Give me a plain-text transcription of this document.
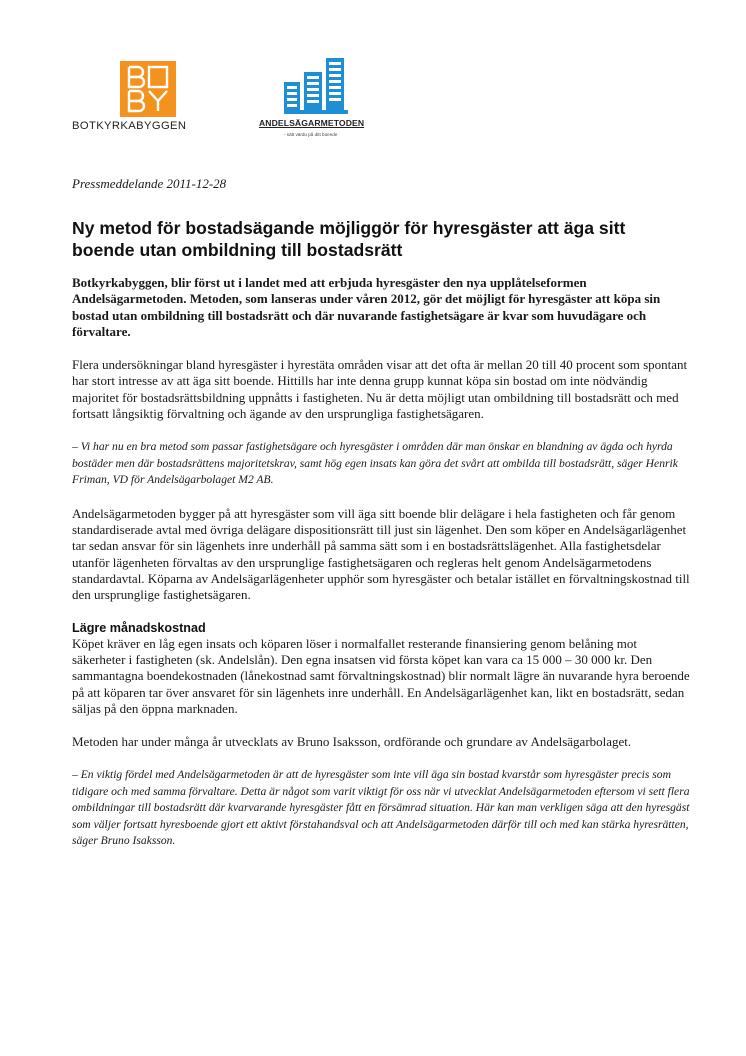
BOTKYRKABYGGEN	ANDELSÄGARMETODEN
- sätt värdu på ditt boende

Pressmeddelande 2011-12-28

Ny metod för bostadsägande möjliggör för hyresgäster att äga sitt boende utan ombildning till bostadsrätt

Botkyrkabyggen, blir först ut i landet med att erbjuda hyresgäster den nya upplåtelseformen Andelsägarmetoden. Metoden, som lanseras under våren 2012, gör det möjligt för hyresgäster att köpa sin bostad utan ombildning till bostadsrätt och där nuvarande fastighetsägare är kvar som huvudägare och förvaltare.

Flera undersökningar bland hyresgäster i hyrestäta områden visar att det ofta är mellan 20 till 40 procent som spontant har stort intresse av att äga sitt boende. Hittills har inte denna grupp kunnat köpa sin bostad om inte nödvändig majoritet för bostadsrättsbildning uppnåtts i fastigheten. Nu är detta möjligt utan ombildning till bostadsrätt och med fortsatt långsiktig förvaltning och ägande av den ursprungliga fastighetsägaren.

– Vi har nu en bra metod som passar fastighetsägare och hyresgäster i områden där man önskar en blandning av ägda och hyrda bostäder men där bostadsrättens majoritetskrav, samt hög egen insats kan göra det svårt att ombilda till bostadsrätt, säger Henrik Friman, VD för Andelsägarbolaget M2 AB.

Andelsägarmetoden bygger på att hyresgäster som vill äga sitt boende blir delägare i hela fastigheten och får genom standardiserade avtal med övriga delägare dispositionsrätt till just sin lägenhet. Den som köper en Andelsägarlägenhet tar sedan ansvar för sin lägenhets inre underhåll på samma sätt som i en bostadsrättslägenhet. Alla fastighetsdelar utanför lägenheten förvaltas av den ursprunglige fastighetsägaren och regleras helt genom Andelsägarmetodens standardavtal. Köparna av Andelsägarlägenheter upphör som hyresgäster och betalar istället en förvaltningskostnad till den ursprunglige fastighetsägaren.

Lägre månadskostnad

Köpet kräver en låg egen insats och köparen löser i normalfallet resterande finansiering genom belåning mot säkerheter i fastigheten (sk. Andelslån). Den egna insatsen vid första köpet kan vara ca 15 000 – 30 000 kr. Den sammantagna boendekostnaden (lånekostnad samt förvaltningskostnad) blir normalt lägre än nuvarande hyra beroende på att köparen tar över ansvaret för sin lägenhets inre underhåll. En Andelsägarlägenhet kan, likt en bostadsrätt, sedan säljas på den öppna marknaden.

Metoden har under många år utvecklats av Bruno Isaksson, ordförande och grundare av Andelsägarbolaget.

– En viktig fördel med Andelsägarmetoden är att de hyresgäster som inte vill äga sin bostad kvarstår som hyresgäster precis som tidigare och med samma förvaltare. Detta är något som varit viktigt för oss när vi utvecklat Andelsägarmetoden eftersom vi sett flera ombildningar till bostadsrätt där kvarvarande hyresgäster fått en försämrad situation. Här kan man verkligen säga att den hyresgäst som väljer fortsatt hyresboende gjort ett aktivt förstahandsval och att Andelsägarmetoden därför till och med kan stärka hyresrätten, säger Bruno Isaksson.
